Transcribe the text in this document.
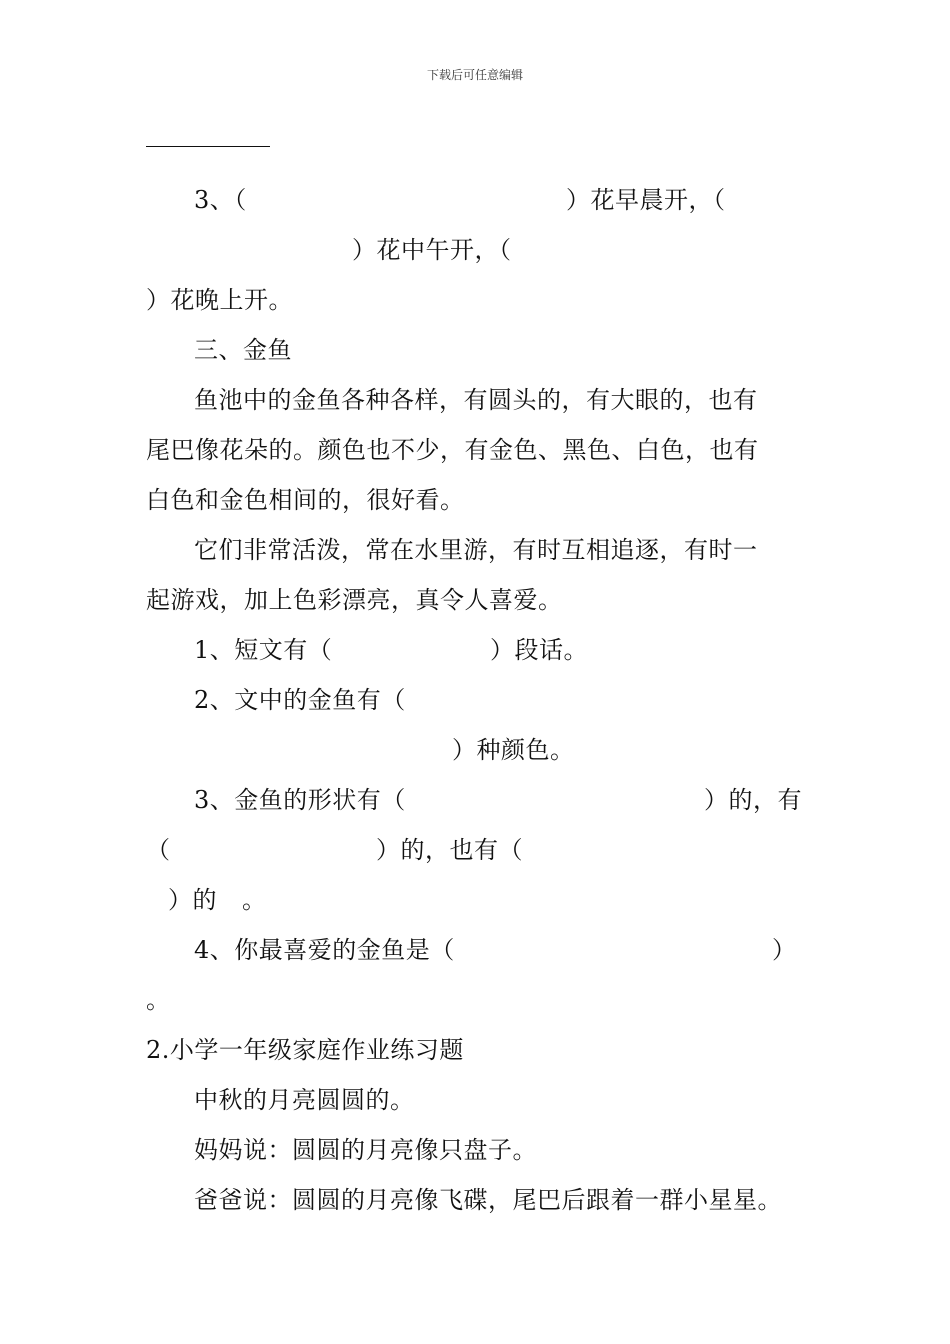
下载后可任意编辑
3、（	）花早晨开，（
）花中午开，（
）花晚上开。
三、金鱼
鱼池中的金鱼各种各样，有圆头的，有大眼的，也有
尾巴像花朵的。颜色也不少，有金色、黑色、白色，也有
白色和金色相间的，很好看。
它们非常活泼，常在水里游，有时互相追逐，有时一
起游戏，加上色彩漂亮，真令人喜爱。
1、短文有（	）段话。
2、文中的金鱼有（
）种颜色。
3、金鱼的形状有（	）的，有
（	）的，也有（
）的 。
4、你最喜爱的金鱼是（	）
。
2.小学一年级家庭作业练习题
中秋的月亮圆圆的。
妈妈说：圆圆的月亮像只盘子。
爸爸说：圆圆的月亮像飞碟，尾巴后跟着一群小星星。
